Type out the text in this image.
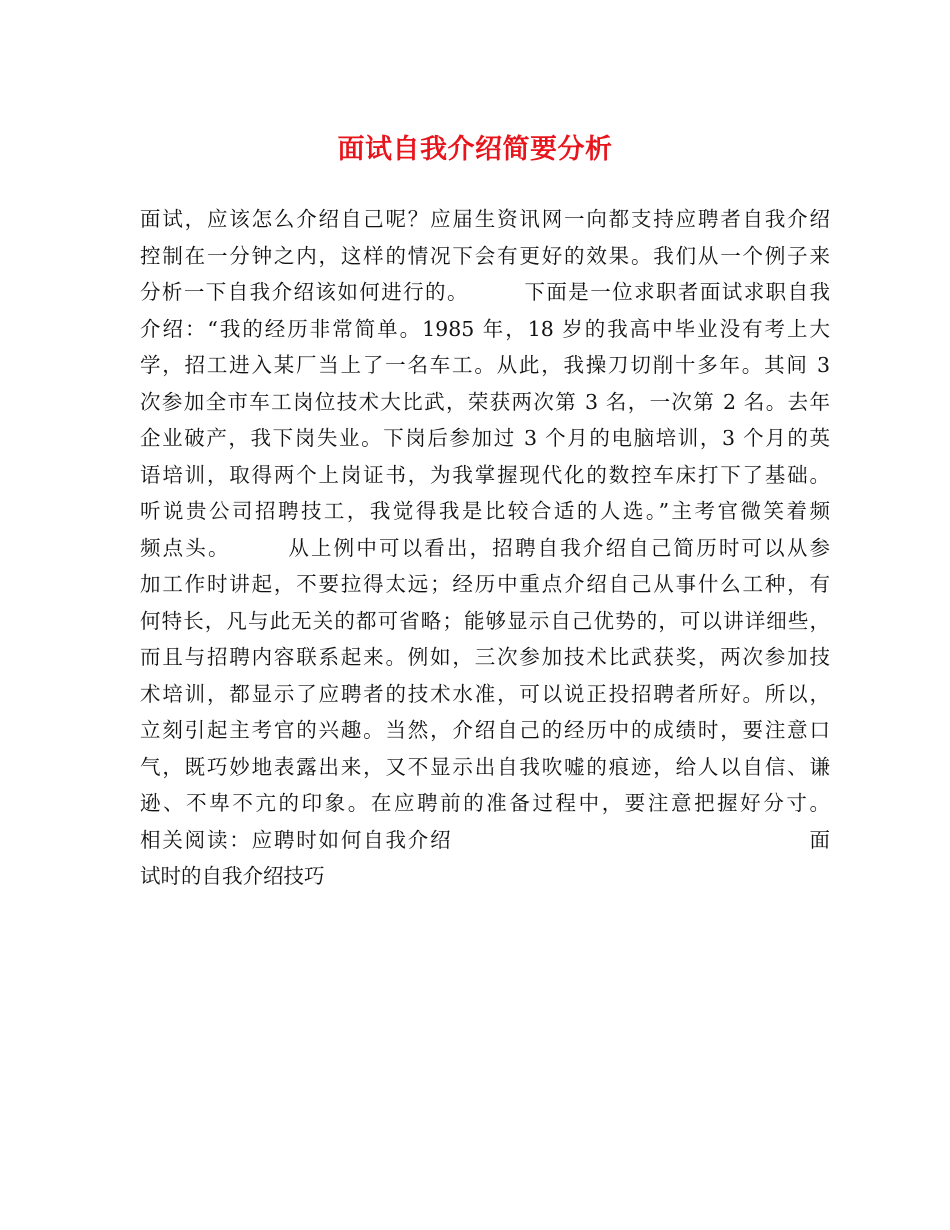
面试自我介绍简要分析
面试，应该怎么介绍自己呢？应届生资讯网一向都支持应聘者自我介绍
控制在一分钟之内，这样的情况下会有更好的效果。我们从一个例子来
分析一下自我介绍该如何进行的。　　　下面是一位求职者面试求职自我
介绍：“我的经历非常简单。1985 年，18 岁的我高中毕业没有考上大
学，招工进入某厂当上了一名车工。从此，我操刀切削十多年。其间 3
次参加全市车工岗位技术大比武，荣获两次第 3 名，一次第 2 名。去年
企业破产，我下岗失业。下岗后参加过 3 个月的电脑培训，3 个月的英
语培训，取得两个上岗证书，为我掌握现代化的数控车床打下了基础。
听说贵公司招聘技工，我觉得我是比较合适的人选。”主考官微笑着频
频点头。　　　从上例中可以看出，招聘自我介绍自己简历时可以从参
加工作时讲起，不要拉得太远；经历中重点介绍自己从事什么工种，有
何特长，凡与此无关的都可省略；能够显示自己优势的，可以讲详细些，
而且与招聘内容联系起来。例如，三次参加技术比武获奖，两次参加技
术培训，都显示了应聘者的技术水准，可以说正投招聘者所好。所以，
立刻引起主考官的兴趣。当然，介绍自己的经历中的成绩时，要注意口
气，既巧妙地表露出来，又不显示出自我吹嘘的痕迹，给人以自信、谦
逊、不卑不亢的印象。在应聘前的准备过程中，要注意把握好分寸。
相关阅读：应聘时如何自我介绍　　　　　　　　　　　　　　　　面
试时的自我介绍技巧
